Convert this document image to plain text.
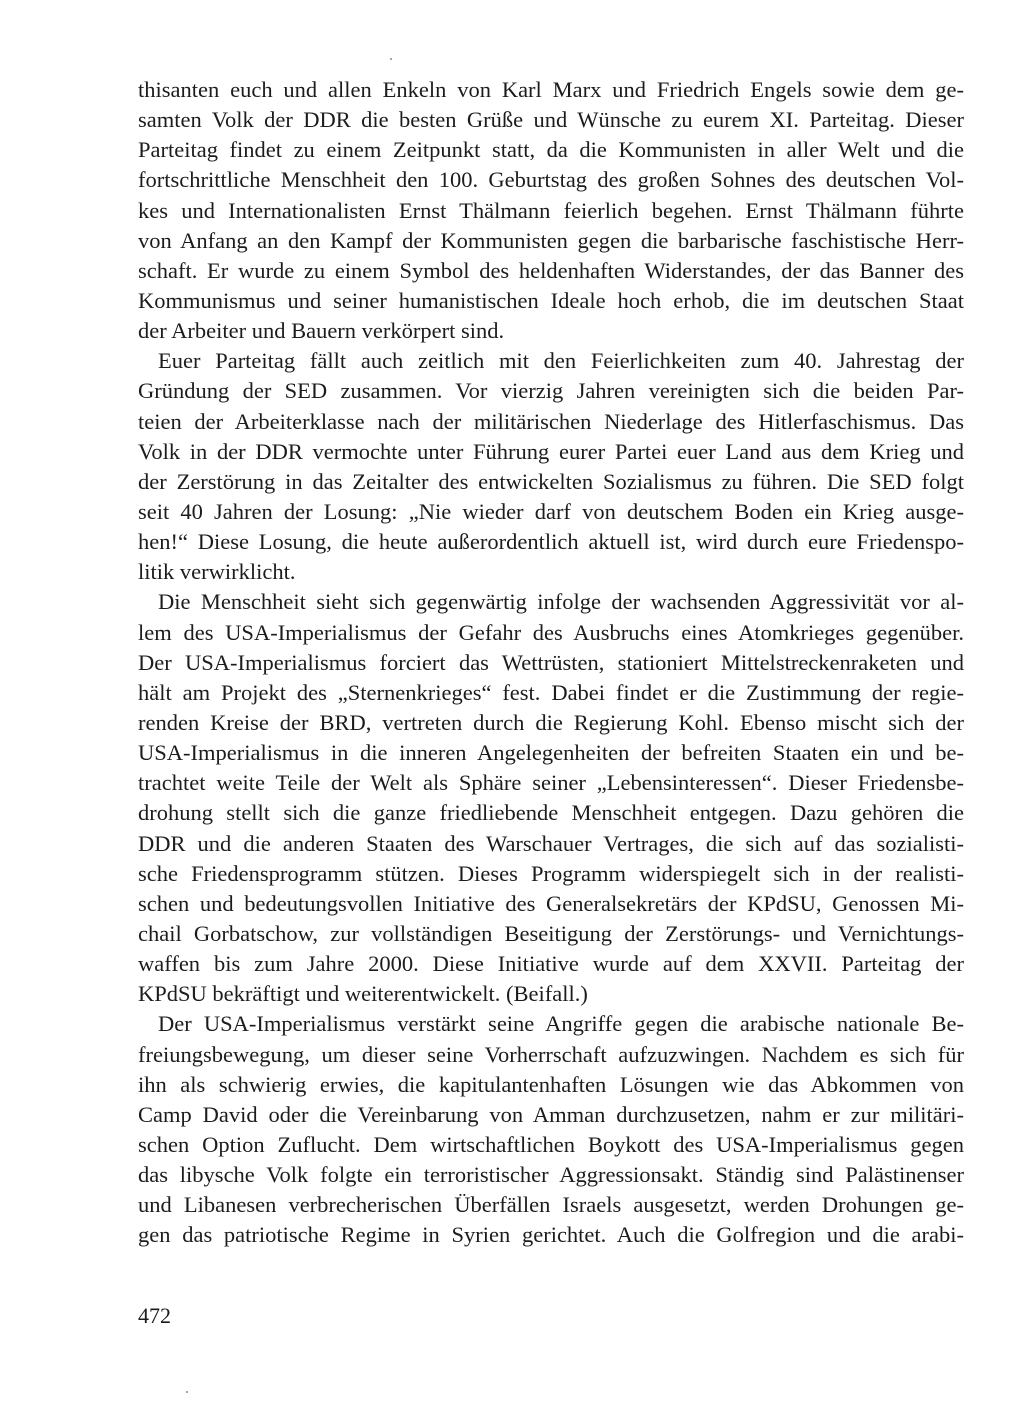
thisanten euch und allen Enkeln von Karl Marx und Friedrich Engels sowie dem ge-
samten Volk der DDR die besten Grüße und Wünsche zu eurem XI. Parteitag. Dieser
Parteitag findet zu einem Zeitpunkt statt, da die Kommunisten in aller Welt und die
fortschrittliche Menschheit den 100. Geburtstag des großen Sohnes des deutschen Vol-
kes und Internationalisten Ernst Thälmann feierlich begehen. Ernst Thälmann führte
von Anfang an den Kampf der Kommunisten gegen die barbarische faschistische Herr-
schaft. Er wurde zu einem Symbol des heldenhaften Widerstandes, der das Banner des
Kommunismus und seiner humanistischen Ideale hoch erhob, die im deutschen Staat
der Arbeiter und Bauern verkörpert sind.
Euer Parteitag fällt auch zeitlich mit den Feierlichkeiten zum 40. Jahrestag der
Gründung der SED zusammen. Vor vierzig Jahren vereinigten sich die beiden Par-
teien der Arbeiterklasse nach der militärischen Niederlage des Hitlerfaschismus. Das
Volk in der DDR vermochte unter Führung eurer Partei euer Land aus dem Krieg und
der Zerstörung in das Zeitalter des entwickelten Sozialismus zu führen. Die SED folgt
seit 40 Jahren der Losung: „Nie wieder darf von deutschem Boden ein Krieg ausge-
hen!“ Diese Losung, die heute außerordentlich aktuell ist, wird durch eure Friedenspo-
litik verwirklicht.
Die Menschheit sieht sich gegenwärtig infolge der wachsenden Aggressivität vor al-
lem des USA-Imperialismus der Gefahr des Ausbruchs eines Atomkrieges gegenüber.
Der USA-Imperialismus forciert das Wettrüsten, stationiert Mittelstreckenraketen und
hält am Projekt des „Sternenkrieges“ fest. Dabei findet er die Zustimmung der regie-
renden Kreise der BRD, vertreten durch die Regierung Kohl. Ebenso mischt sich der
USA-Imperialismus in die inneren Angelegenheiten der befreiten Staaten ein und be-
trachtet weite Teile der Welt als Sphäre seiner „Lebensinteressen“. Dieser Friedensbe-
drohung stellt sich die ganze friedliebende Menschheit entgegen. Dazu gehören die
DDR und die anderen Staaten des Warschauer Vertrages, die sich auf das sozialisti-
sche Friedensprogramm stützen. Dieses Programm widerspiegelt sich in der realisti-
schen und bedeutungsvollen Initiative des Generalsekretärs der KPdSU, Genossen Mi-
chail Gorbatschow, zur vollständigen Beseitigung der Zerstörungs- und Vernichtungs-
waffen bis zum Jahre 2000. Diese Initiative wurde auf dem XXVII. Parteitag der
KPdSU bekräftigt und weiterentwickelt. (Beifall.)
Der USA-Imperialismus verstärkt seine Angriffe gegen die arabische nationale Be-
freiungsbewegung, um dieser seine Vorherrschaft aufzuzwingen. Nachdem es sich für
ihn als schwierig erwies, die kapitulantenhaften Lösungen wie das Abkommen von
Camp David oder die Vereinbarung von Amman durchzusetzen, nahm er zur militäri-
schen Option Zuflucht. Dem wirtschaftlichen Boykott des USA-Imperialismus gegen
das libysche Volk folgte ein terroristischer Aggressionsakt. Ständig sind Palästinenser
und Libanesen verbrecherischen Überfällen Israels ausgesetzt, werden Drohungen ge-
gen das patriotische Regime in Syrien gerichtet. Auch die Golfregion und die arabi-
472
